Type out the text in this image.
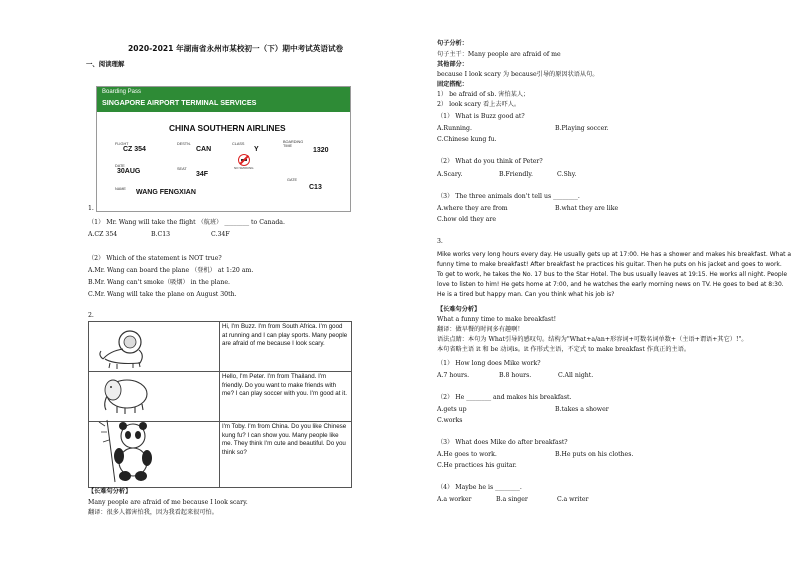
2020-2021 年湖南省永州市某校初一（下）期中考试英语试卷
一、阅读理解
Boarding Pass
SINGAPORE AIRPORT TERMINAL SERVICES
CHINA SOUTHERN AIRLINES
FLIGHT
CZ 354
DESTN.
CAN
CLASS
Y
BOARDING TIME
1320
NO SMOKING
DATE
30AUG	SEAT
34F
GATE
C13
NAME WANG FENGXIAN
1.
（1） Mr. Wang will take the flight （航班） ________ to Canada.
A.CZ 354	B.C13	C.34F
（2） Which of the statement is NOT true?
A.Mr. Wang can board the plane （登机） at 1:20 am.
B.Mr. Wang can't smoke（吸烟） in the plane.
C.Mr. Wang will take the plane on August 30th.
2.
Hi, I'm Buzz. I'm from South Africa. I'm good at running and I can play sports. Many people are afraid of me because I look scary.
Hello, I'm Peter. I'm from Thailand. I'm friendly. Do you want to make friends with me? I can play soccer with you. I'm good at it.
I'm Toby. I'm from China. Do you like Chinese kung fu? I can show you. Many people like me. They think I'm cute and beautiful. Do you think so?
【长难句分析】
Many people are afraid of me because I look scary.
翻译：很多人都害怕我，因为我看起来很可怕。
句子分析：
句子主干：Many people are afraid of me
其他部分：
because I look scary 为 because引导的原因状语从句。
固定搭配：
1） be afraid of sb. 害怕某人；
2） look scary 看上去吓人。
（1） What is Buzz good at?
A.Running.	B.Playing soccer.
C.Chinese kung fu.
（2） What do you think of Peter?
A.Scary.	B.Friendly.	C.Shy.
（3） The three animals don't tell us ________.
A.where they are from	B.what they are like
C.how old they are
3.
Mike works very long hours every day. He usually gets up at 17:00. He has a shower and makes his breakfast. What a
funny time to make breakfast! After breakfast he practices his guitar. Then he puts on his jacket and goes to work.
To get to work, he takes the No. 17 bus to the Star Hotel. The bus usually leaves at 19:15. He works all night. People
love to listen to him! He gets home at 7:00, and he watches the early morning news on TV. He goes to bed at 8:30.
He is a tired but happy man. Can you think what his job is?
【长难句分析】
What a funny time to make breakfast!
翻译：做早餐的时间多有趣啊！
语法点睛：本句为 What引导的感叹句。结构为"What+a/an+形容词+可数名词单数+（主语+谓语+其它）!"。
本句省略主语 it 和 be 动词is。it 作形式主语，不定式 to make breakfast 作真正的主语。
（1） How long does Mike work?
A.7 hours.	B.8 hours.	C.All night.
（2） He ________ and makes his breakfast.
A.gets up	B.takes a shower
C.works
（3） What does Mike do after breakfast?
A.He goes to work.	B.He puts on his clothes.
C.He practices his guitar.
（4） Maybe he is ________.
A.a worker	B.a singer	C.a writer
